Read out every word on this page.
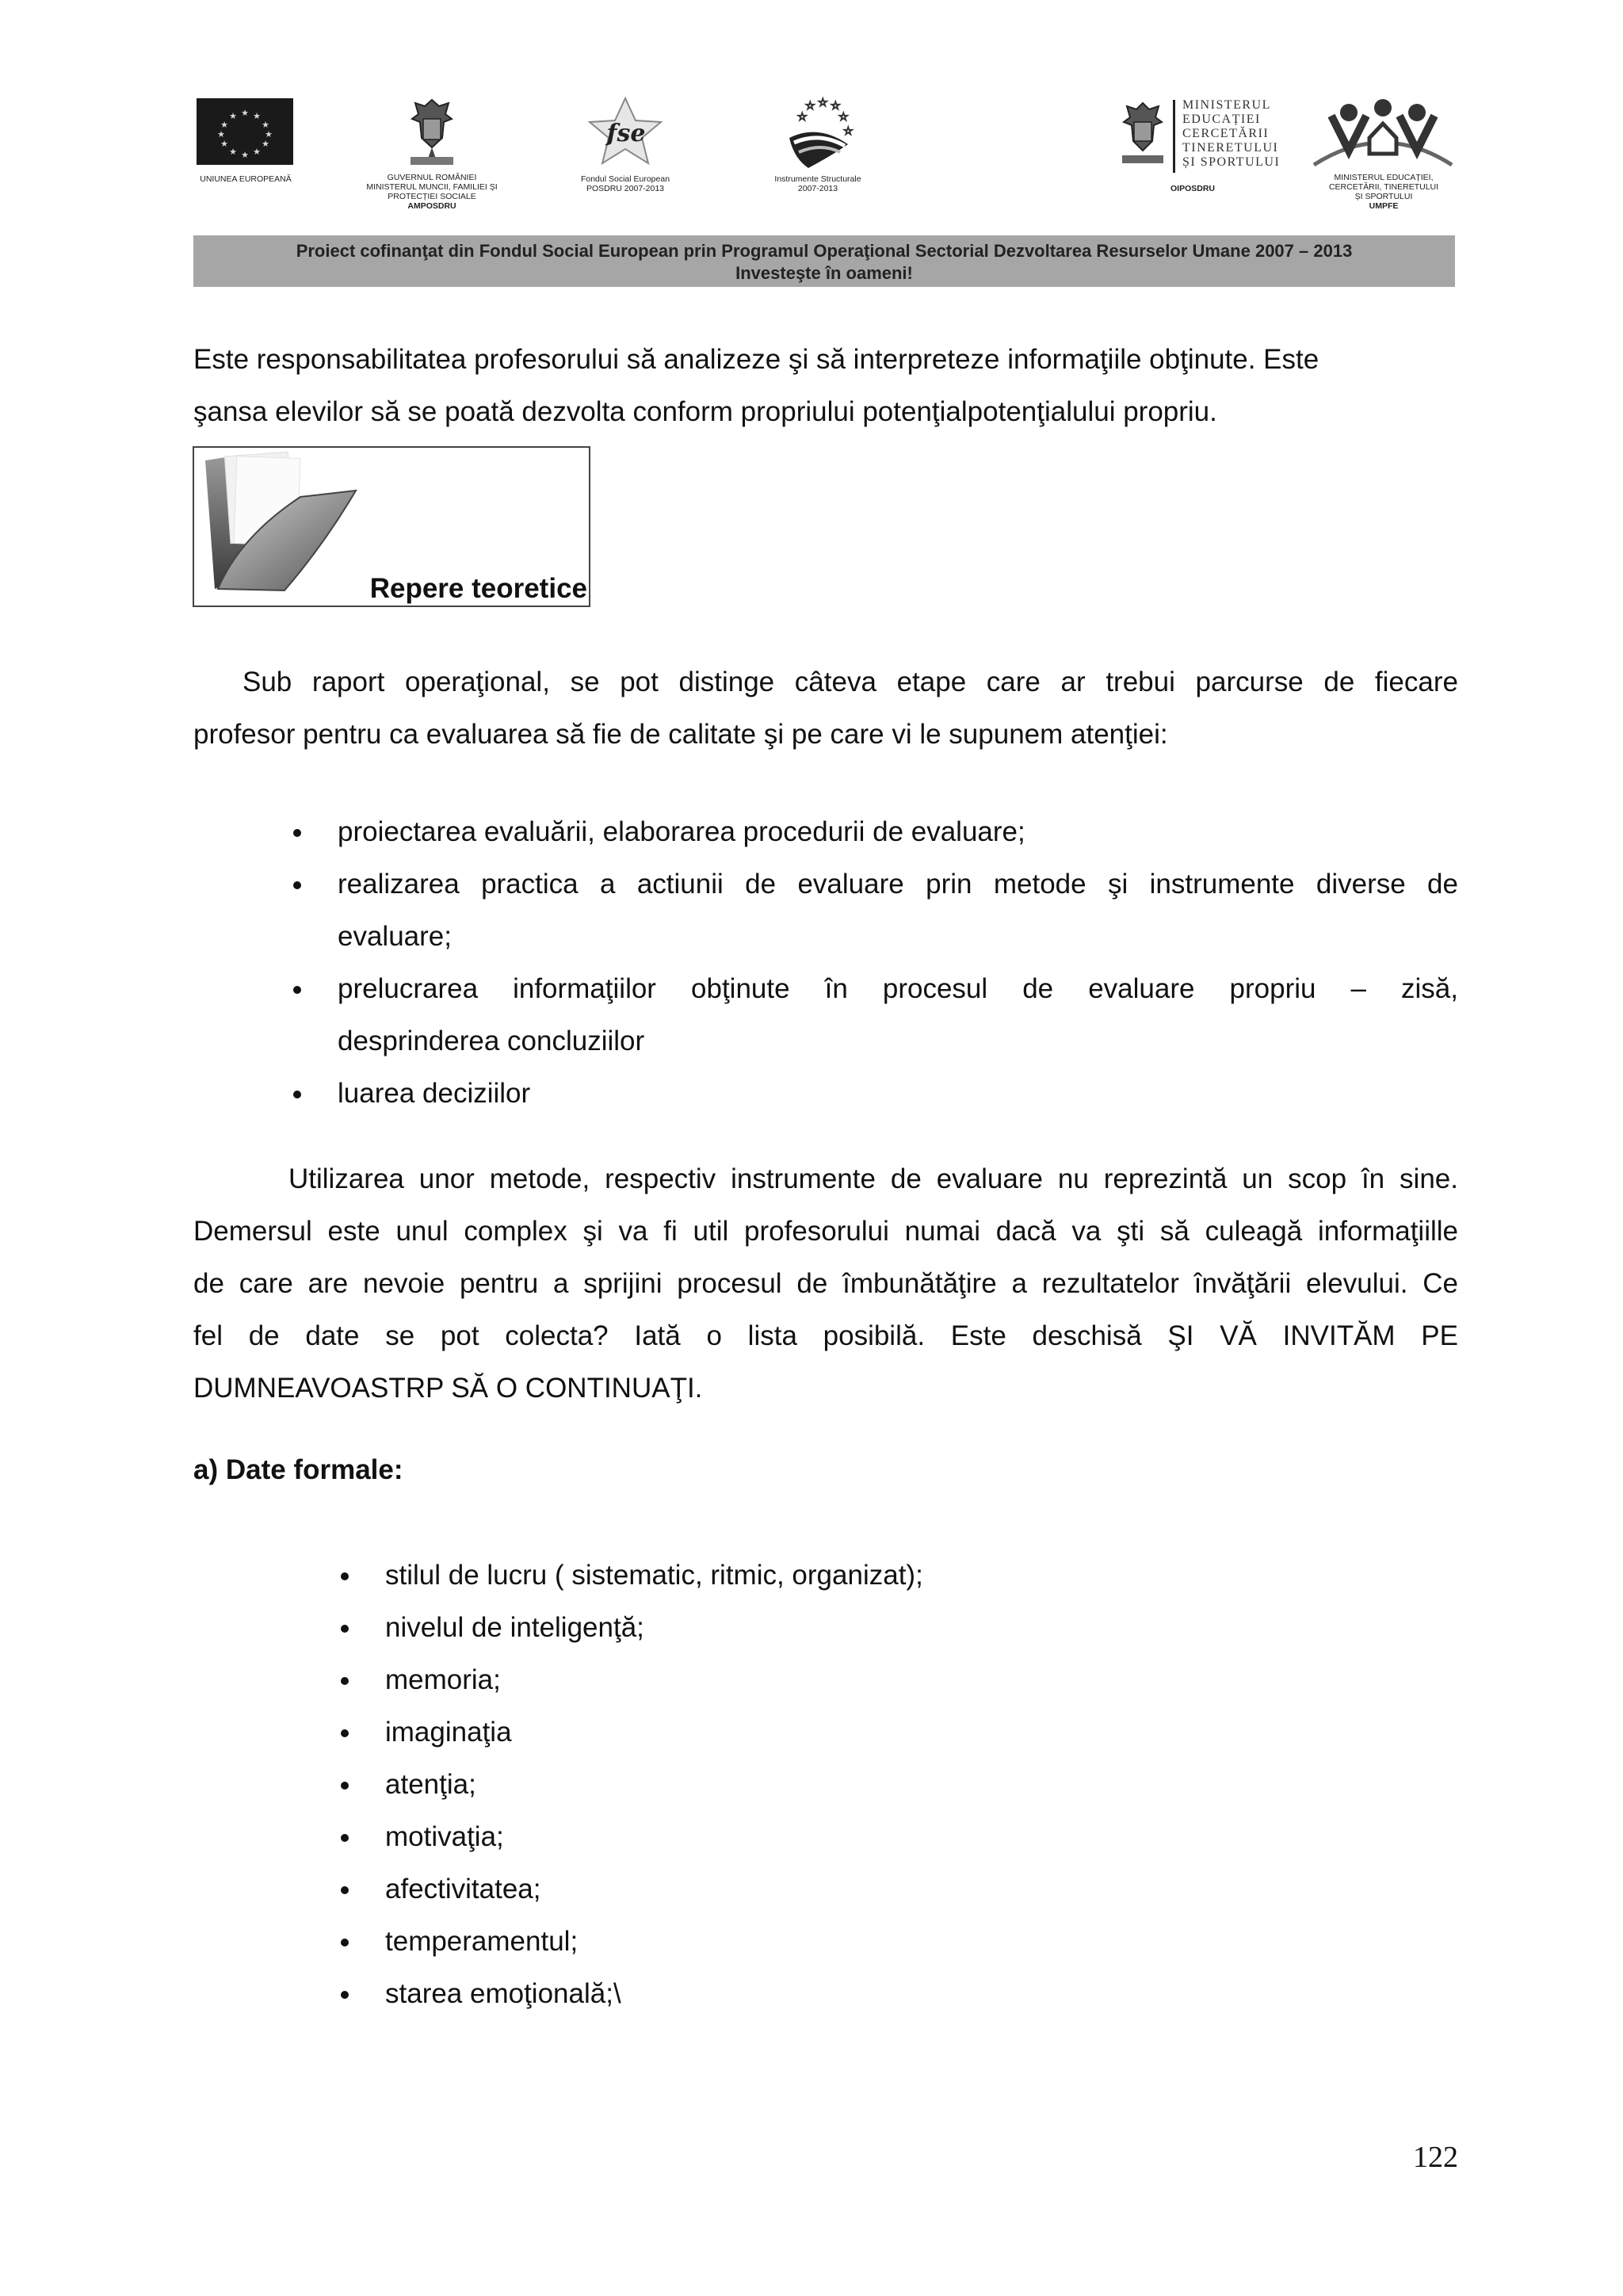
★ ★
★
★
★
★
★
★
★
★
★
★
UNIUNEA EUROPEANĂ	GUVERNUL ROMÂNIEI
MINISTERUL MUNCII, FAMILIEI ȘI
PROTECȚIEI SOCIALE
AMPOSDRU
fse
Fondul Social European
POSDRU 2007-2013
☆ ☆ ☆
☆	☆
☆
Instrumente Structurale
2007-2013
MINISTERUL
EDUCAȚIEI
CERCETĂRII
TINERETULUI
ȘI SPORTULUI
OIPOSDRU
MINISTERUL EDUCAȚIEI,
CERCETĂRII, TINERETULUI
ȘI SPORTULUI
UMPFE
Proiect cofinanţat din Fondul Social European prin Programul Operaţional Sectorial Dezvoltarea Resurselor Umane 2007 – 2013
Investeşte în oameni!
Este responsabilitatea profesorului să analizeze şi să interpreteze informaţiile obţinute. Este
şansa elevilor să se poată dezvolta conform propriului potenţialpotenţialului propriu.
Repere teoretice
Sub raport operaţional, se pot distinge câteva etape care ar trebui parcurse de fiecare
profesor pentru ca evaluarea să fie de calitate şi pe care vi le supunem atenţiei:
proiectarea evaluării, elaborarea procedurii de evaluare;
realizarea practica a actiunii de evaluare prin metode şi instrumente diverse de
evaluare;
prelucrarea informaţiilor obţinute în procesul de evaluare propriu – zisă,
desprinderea concluziilor
luarea deciziilor
Utilizarea unor metode, respectiv instrumente de evaluare nu reprezintă un scop în sine.
Demersul este unul complex şi va fi util profesorului numai dacă va şti să culeagă informaţiille
de care are nevoie pentru a sprijini procesul de îmbunătăţire a rezultatelor învăţării elevului. Ce
fel de date se pot colecta? Iată o lista posibilă. Este deschisă ŞI VĂ INVITĂM PE
DUMNEAVOASTRP SĂ O CONTINUAŢI.
a) Date formale:
stilul de lucru ( sistematic, ritmic, organizat);
nivelul de inteligenţă;
memoria;
imaginaţia
atenţia;
motivaţia;
afectivitatea;
temperamentul;
starea emoţională;\
122
